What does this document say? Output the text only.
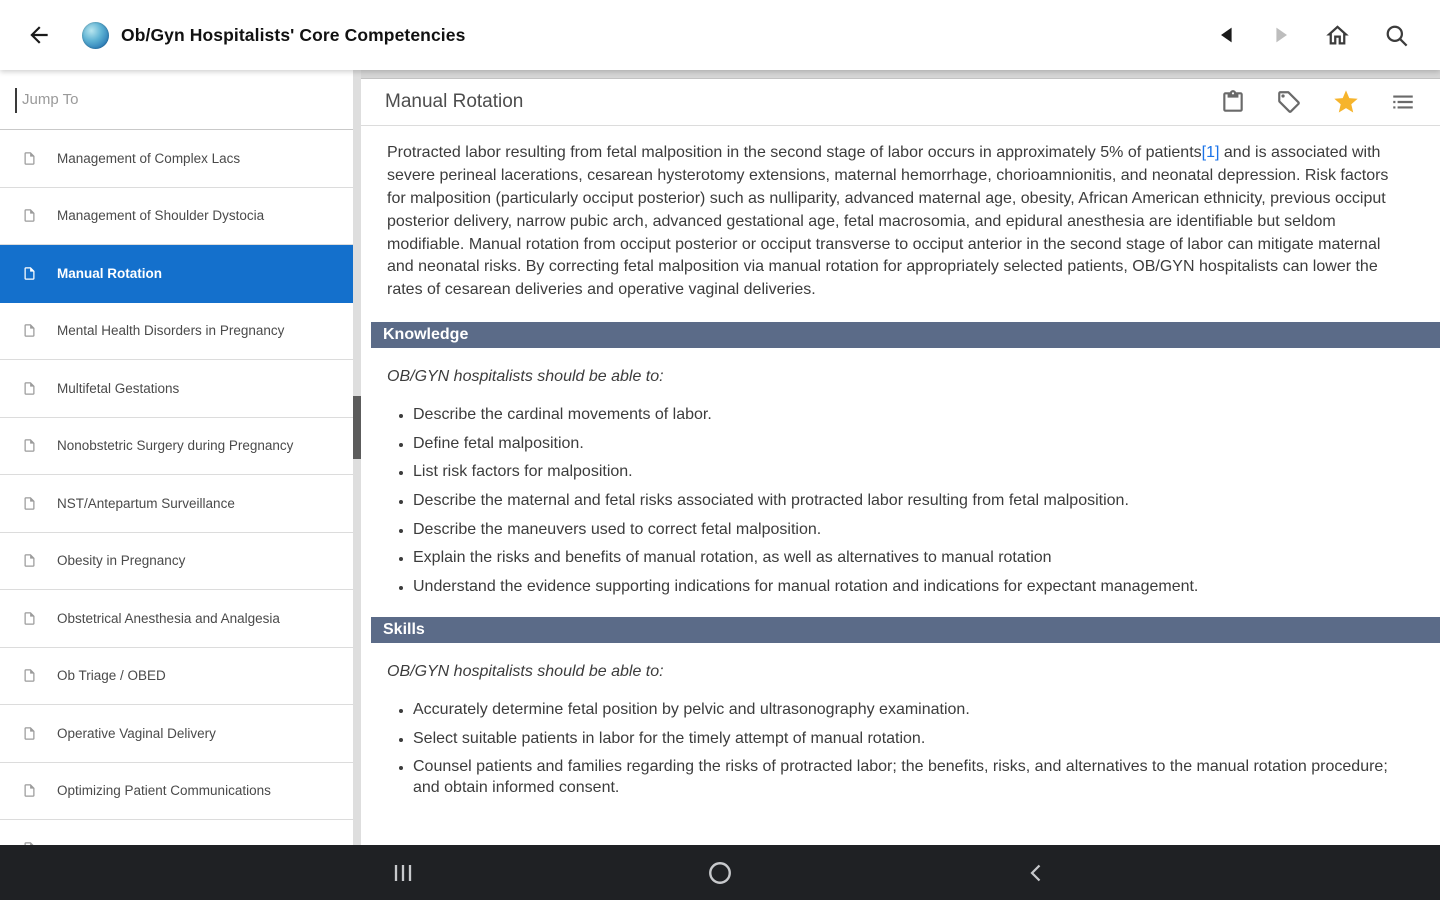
Ob/Gyn Hospitalists' Core Competencies
Jump To
Management of Complex Lacs
Management of Shoulder Dystocia
Manual Rotation
Mental Health Disorders in Pregnancy
Multifetal Gestations
Nonobstetric Surgery during Pregnancy
NST/Antepartum Surveillance
Obesity in Pregnancy
Obstetrical Anesthesia and Analgesia
Ob Triage / OBED
Operative Vaginal Delivery
Optimizing Patient Communications
Manual Rotation

Protracted labor resulting from fetal malposition in the second stage of labor occurs in approximately 5% of patients[1] and is associated with severe perineal lacerations, cesarean hysterotomy extensions, maternal hemorrhage, chorioamnionitis, and neonatal depression. Risk factors for malposition (particularly occiput posterior) such as nulliparity, advanced maternal age, obesity, African American ethnicity, previous occiput posterior delivery, narrow pubic arch, advanced gestational age, fetal macrosomia, and epidural anesthesia are identifiable but seldom modifiable. Manual rotation from occiput posterior or occiput transverse to occiput anterior in the second stage of labor can mitigate maternal and neonatal risks. By correcting fetal malposition via manual rotation for appropriately selected patients, OB/GYN hospitalists can lower the rates of cesarean deliveries and operative vaginal deliveries.

Knowledge

OB/GYN hospitalists should be able to:

• Describe the cardinal movements of labor.
• Define fetal malposition.
• List risk factors for malposition.
• Describe the maternal and fetal risks associated with protracted labor resulting from fetal malposition.
• Describe the maneuvers used to correct fetal malposition.
• Explain the risks and benefits of manual rotation, as well as alternatives to manual rotation
• Understand the evidence supporting indications for manual rotation and indications for expectant management.
Skills

OB/GYN hospitalists should be able to:

• Accurately determine fetal position by pelvic and ultrasonography examination.
• Select suitable patients in labor for the timely attempt of manual rotation.
• Counsel patients and families regarding the risks of protracted labor; the benefits, risks, and alternatives to the manual rotation procedure; and obtain informed consent.
